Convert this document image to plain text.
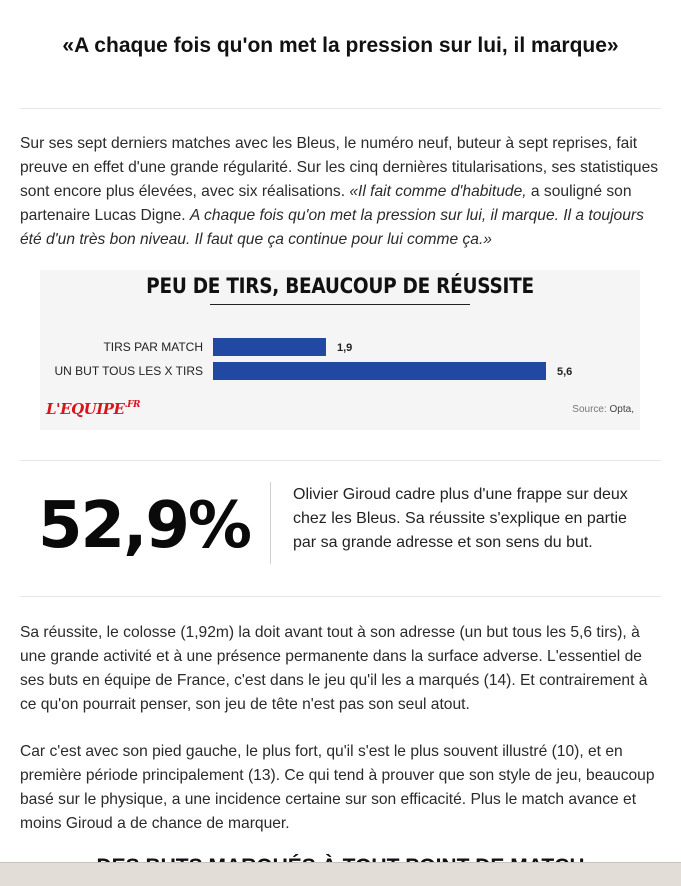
«A chaque fois qu'on met la pression sur lui, il marque»
Sur ses sept derniers matches avec les Bleus, le numéro neuf, buteur à sept reprises, fait preuve en effet d'une grande régularité. Sur les cinq dernières titularisations, ses statistiques sont encore plus élevées, avec six réalisations. «Il fait comme d'habitude, a souligné son partenaire Lucas Digne. A chaque fois qu'on met la pression sur lui, il marque. Il a toujours été d'un très bon niveau. Il faut que ça continue pour lui comme ça.»
PEU DE TIRS, BEAUCOUP DE RÉUSSITE
TIRS PAR MATCH	1,9
UN BUT TOUS LES X TIRS	5,6
$L'EQUIPE^{.FR}$	Source: Opta,
52,9%	Olivier Giroud cadre plus d'une frappe sur deux chez les Bleus. Sa réussite s'explique en partie par sa grande adresse et son sens du but.
Sa réussite, le colosse (1,92m) la doit avant tout à son adresse (un but tous les 5,6 tirs), à une grande activité et à une présence permanente dans la surface adverse. L'essentiel de ses buts en équipe de France, c'est dans le jeu qu'il les a marqués (14). Et contrairement à ce qu'on pourrait penser, son jeu de tête n'est pas son seul atout.
Car c'est avec son pied gauche, le plus fort, qu'il s'est le plus souvent illustré (10), et en première période principalement (13). Ce qui tend à prouver que son style de jeu, beaucoup basé sur le physique, a une incidence certaine sur son efficacité. Plus le match avance et moins Giroud a de chance de marquer.
